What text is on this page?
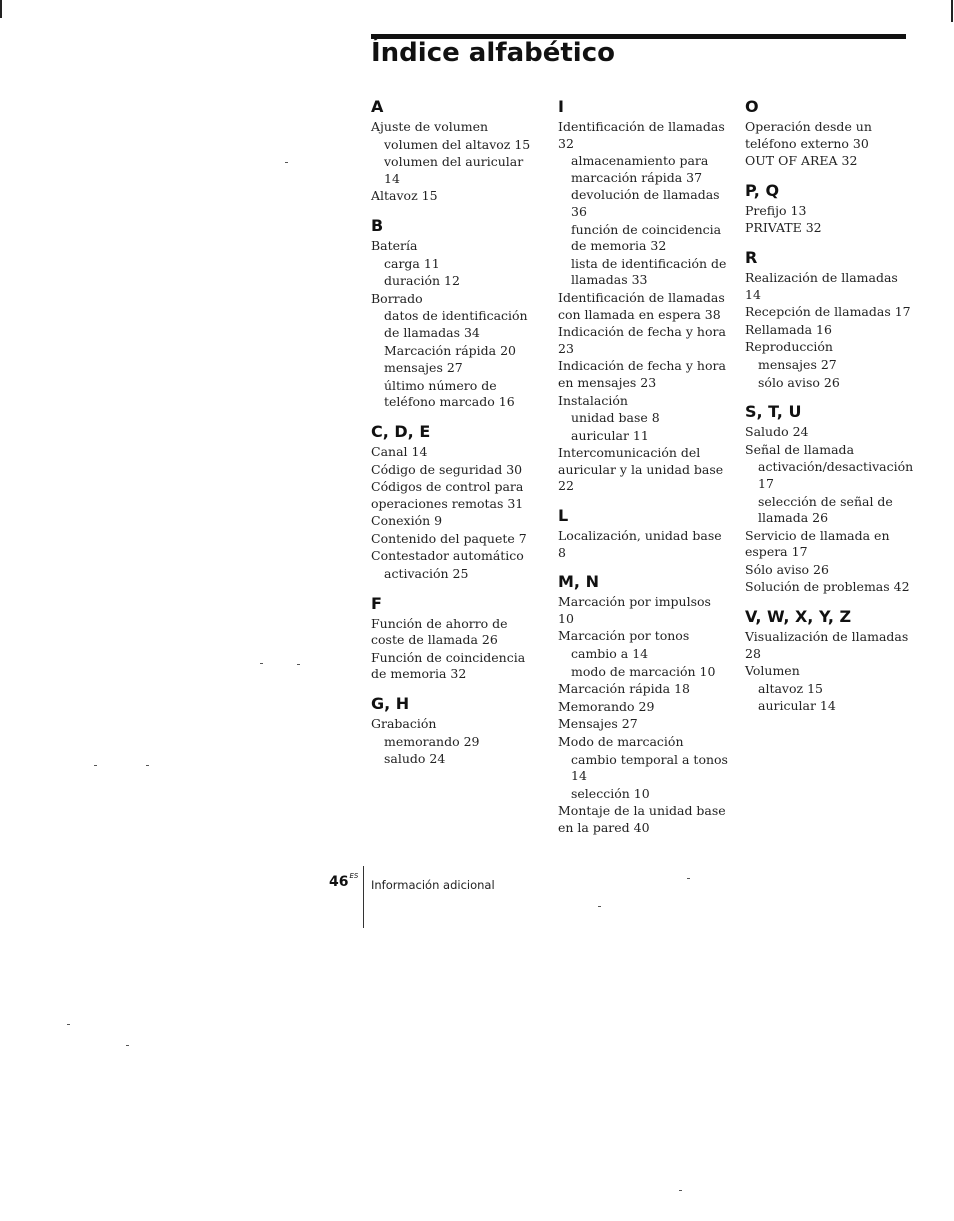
Índice alfabético
A
Ajuste de volumen
volumen del altavoz 15
volumen del auricular 14
Altavoz 15
B
Batería
carga 11
duración 12
Borrado
datos de identificación de llamadas 34
Marcación rápida 20
mensajes 27
último número de teléfono marcado 16
C, D, E
Canal 14
Código de seguridad 30
Códigos de control para operaciones remotas 31
Conexión 9
Contenido del paquete 7
Contestador automático
activación 25
F
Función de ahorro de coste de llamada 26
Función de coincidencia de memoria 32
G, H
Grabación
memorando 29
saludo 24
I
Identificación de llamadas 32
almacenamiento para marcación rápida 37
devolución de llamadas 36
función de coincidencia de memoria 32
lista de identificación de llamadas 33
Identificación de llamadas con llamada en espera 38
Indicación de fecha y hora 23
Indicación de fecha y hora en mensajes 23
Instalación
unidad base 8
auricular 11
Intercomunicación del auricular y la unidad base 22
L
Localización, unidad base 8
M, N
Marcación por impulsos 10
Marcación por tonos
cambio a 14
modo de marcación 10
Marcación rápida 18
Memorando 29
Mensajes 27
Modo de marcación
cambio temporal a tonos 14
selección 10
Montaje de la unidad base en la pared 40
O
Operación desde un teléfono externo 30
OUT OF AREA 32
P, Q
Prefijo 13
PRIVATE 32
R
Realización de llamadas 14
Recepción de llamadas 17
Rellamada 16
Reproducción
mensajes 27
sólo aviso 26
S, T, U
Saludo 24
Señal de llamada
activación/desactivación 17
selección de señal de llamada 26
Servicio de llamada en espera 17
Sólo aviso 26
Solución de problemas 42
V, W, X, Y, Z
Visualización de llamadas 28
Volumen
altavoz 15
auricular 14
$46^{ES}$
Información adicional
